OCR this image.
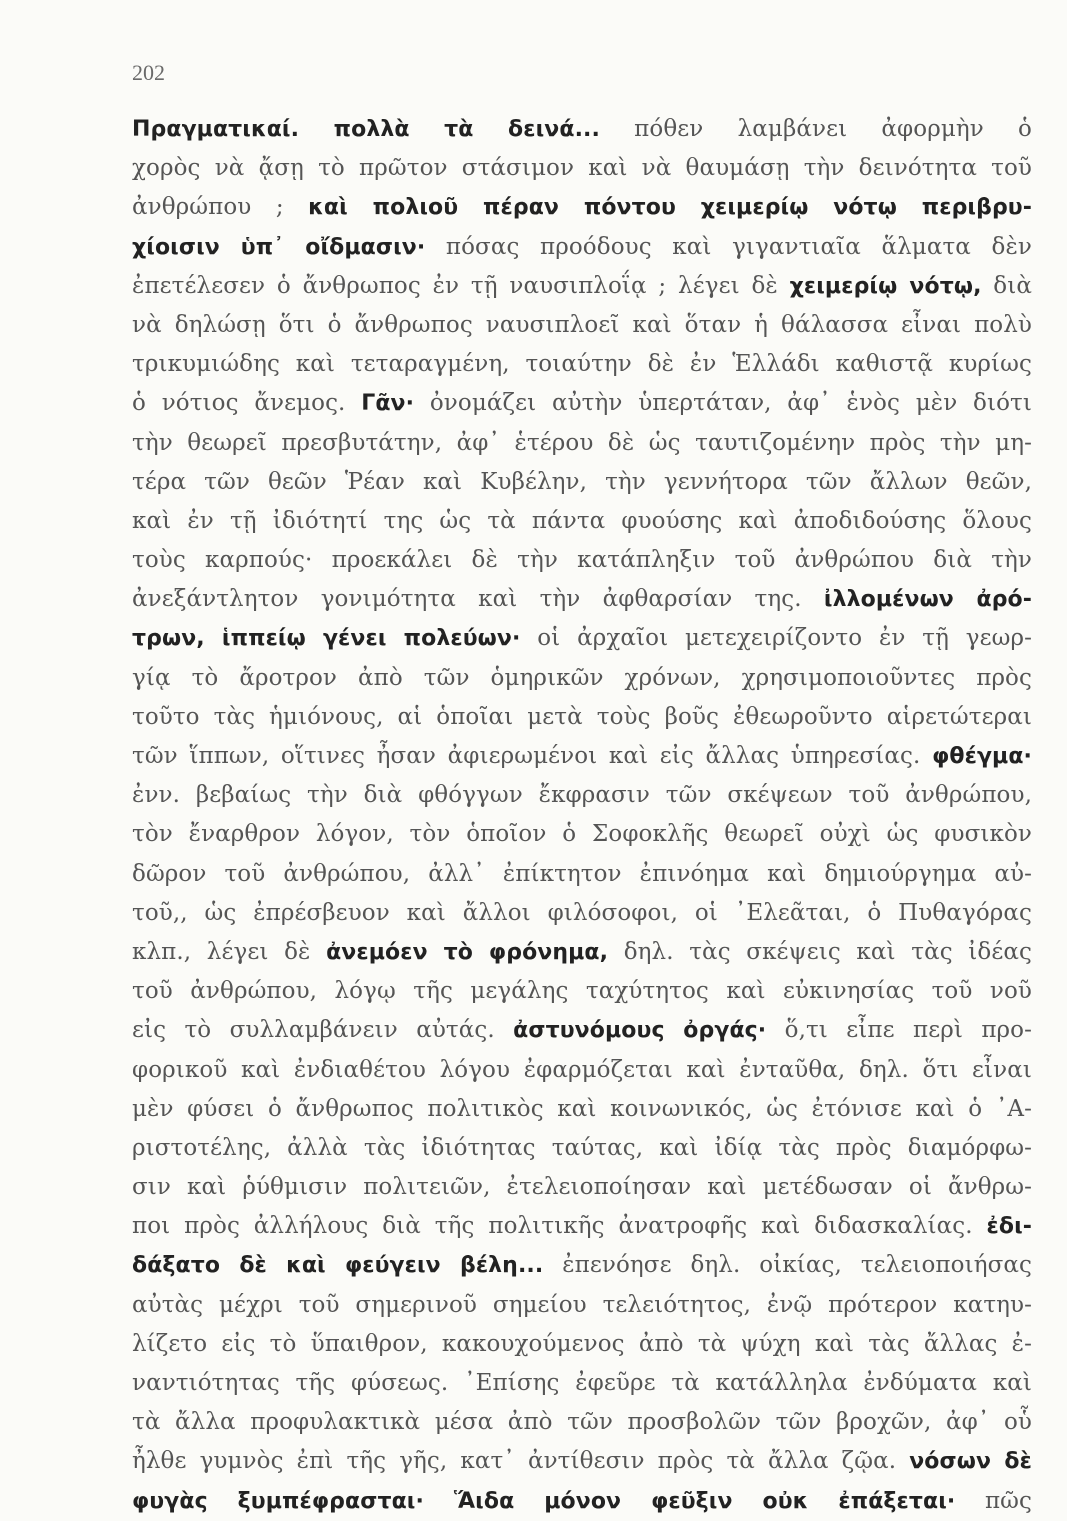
202
Πραγματικαί. πολλὰ τὰ δεινά... πόθεν λαμβάνει ἀφορμὴν ὁ
χορὸς νὰ ᾄσῃ τὸ πρῶτον στάσιμον καὶ νὰ θαυμάσῃ τὴν δεινότητα τοῦ
ἀνθρώπου ; καὶ πολιοῦ πέραν πόντου χειμερίῳ νότῳ περιβρυ-
χίοισιν ὑπ᾽ οἴδμασιν· πόσας προόδους καὶ γιγαντιαῖα ἅλματα δὲν
ἐπετέλεσεν ὁ ἄνθρωπος ἐν τῇ ναυσιπλοΐᾳ ; λέγει δὲ χειμερίῳ νότῳ, διὰ
νὰ δηλώσῃ ὅτι ὁ ἄνθρωπος ναυσιπλοεῖ καὶ ὅταν ἡ θάλασσα εἶναι πολὺ
τρικυμιώδης καὶ τεταραγμένη, τοιαύτην δὲ ἐν Ἑλλάδι καθιστᾷ κυρίως
ὁ νότιος ἄνεμος. Γᾶν· ὀνομάζει αὐτὴν ὑπερτάταν, ἀφ᾽ ἑνὸς μὲν διότι
τὴν θεωρεῖ πρεσβυτάτην, ἀφ᾽ ἑτέρου δὲ ὡς ταυτιζομένην πρὸς τὴν μη-
τέρα τῶν θεῶν Ῥέαν καὶ Κυβέλην, τὴν γεννήτορα τῶν ἄλλων θεῶν,
καὶ ἐν τῇ ἰδιότητί της ὡς τὰ πάντα φυούσης καὶ ἀποδιδούσης ὅλους
τοὺς καρπούς· προεκάλει δὲ τὴν κατάπληξιν τοῦ ἀνθρώπου διὰ τὴν
ἀνεξάντλητον γονιμότητα καὶ τὴν ἀφθαρσίαν της. ἰλλομένων ἀρό-
τρων, ἱππείῳ γένει πολεύων· οἱ ἀρχαῖοι μετεχειρίζοντο ἐν τῇ γεωρ-
γίᾳ τὸ ἄροτρον ἀπὸ τῶν ὁμηρικῶν χρόνων, χρησιμοποιοῦντες πρὸς
τοῦτο τὰς ἡμιόνους, αἱ ὁποῖαι μετὰ τοὺς βοῦς ἐθεωροῦντο αἱρετώτεραι
τῶν ἵππων, οἵτινες ἦσαν ἀφιερωμένοι καὶ εἰς ἄλλας ὑπηρεσίας. φθέγμα·
ἐνν. βεβαίως τὴν διὰ φθόγγων ἔκφρασιν τῶν σκέψεων τοῦ ἀνθρώπου,
τὸν ἔναρθρον λόγον, τὸν ὁποῖον ὁ Σοφοκλῆς θεωρεῖ οὐχὶ ὡς φυσικὸν
δῶρον τοῦ ἀνθρώπου, ἀλλ᾽ ἐπίκτητον ἐπινόημα καὶ δημιούργημα αὐ-
τοῦ,, ὡς ἐπρέσβευον καὶ ἄλλοι φιλόσοφοι, οἱ ᾽Ελεᾶται, ὁ Πυθαγόρας
κλπ., λέγει δὲ ἀνεμόεν τὸ φρόνημα, δηλ. τὰς σκέψεις καὶ τὰς ἰδέας
τοῦ ἀνθρώπου, λόγῳ τῆς μεγάλης ταχύτητος καὶ εὐκινησίας τοῦ νοῦ
εἰς τὸ συλλαμβάνειν αὐτάς. ἀστυνόμους ὀργάς· ὅ,τι εἶπε περὶ προ-
φορικοῦ καὶ ἐνδιαθέτου λόγου ἐφαρμόζεται καὶ ἐνταῦθα, δηλ. ὅτι εἶναι
μὲν φύσει ὁ ἄνθρωπος πολιτικὸς καὶ κοινωνικός, ὡς ἐτόνισε καὶ ὁ ᾽Α-
ριστοτέλης, ἀλλὰ τὰς ἰδιότητας ταύτας, καὶ ἰδίᾳ τὰς πρὸς διαμόρφω-
σιν καὶ ῥύθμισιν πολιτειῶν, ἐτελειοποίησαν καὶ μετέδωσαν οἱ ἄνθρω-
ποι πρὸς ἀλλήλους διὰ τῆς πολιτικῆς ἀνατροφῆς καὶ διδασκαλίας. ἐδι-
δάξατο δὲ καὶ φεύγειν βέλη... ἐπενόησε δηλ. οἰκίας, τελειοποιήσας
αὐτὰς μέχρι τοῦ σημερινοῦ σημείου τελειότητος, ἐνῷ πρότερον κατηυ-
λίζετο εἰς τὸ ὕπαιθρον, κακουχούμενος ἀπὸ τὰ ψύχη καὶ τὰς ἄλλας ἐ-
ναντιότητας τῆς φύσεως. ᾽Επίσης ἐφεῦρε τὰ κατάλληλα ἐνδύματα καὶ
τὰ ἄλλα προφυλακτικὰ μέσα ἀπὸ τῶν προσβολῶν τῶν βροχῶν, ἀφ᾽ οὗ
ἦλθε γυμνὸς ἐπὶ τῆς γῆς, κατ᾽ ἀντίθεσιν πρὸς τὰ ἄλλα ζῷα. νόσων δὲ
φυγὰς ξυμπέφρασται· Ἅιδα μόνον φεῦξιν οὐκ ἐπάξεται· πῶς
